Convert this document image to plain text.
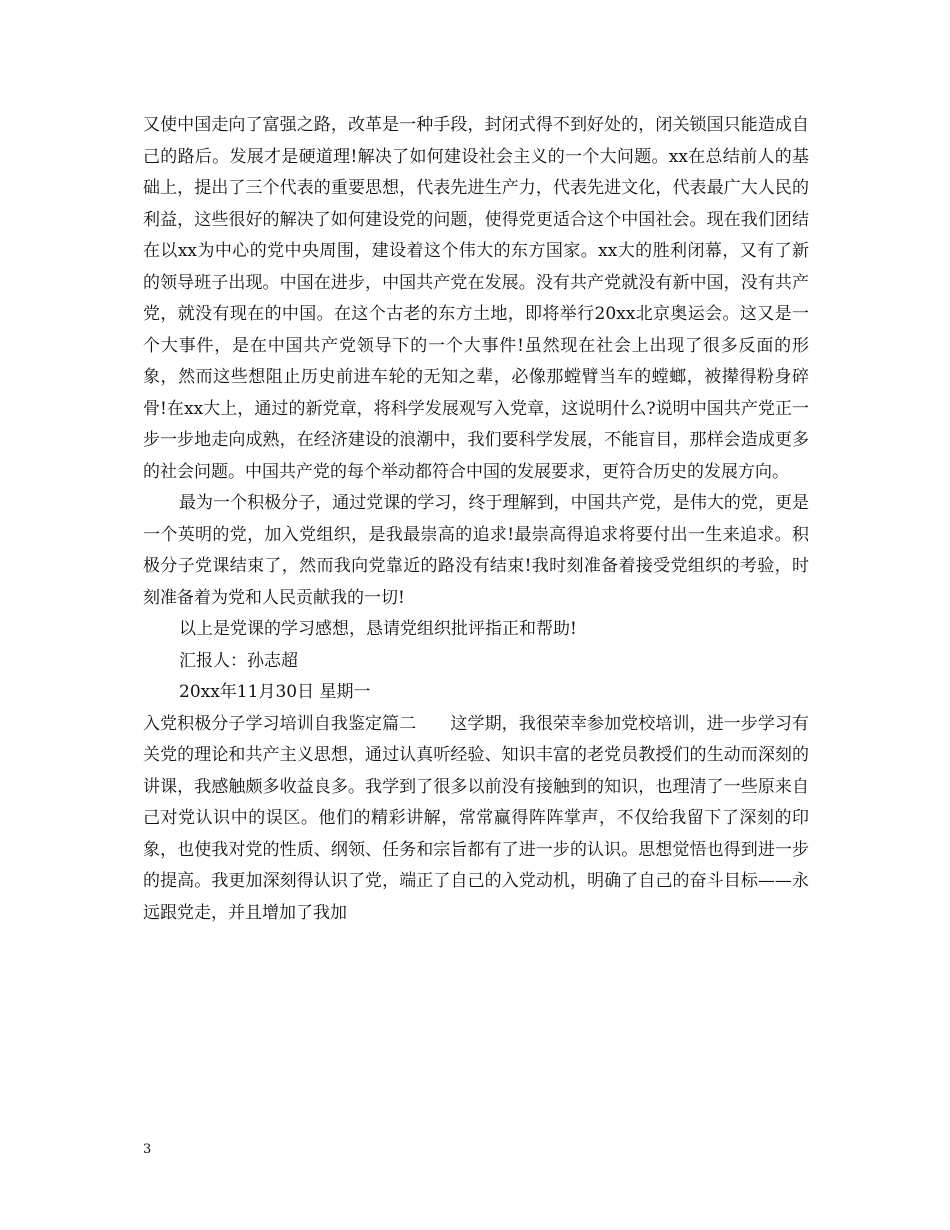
又使中国走向了富强之路，改革是一种手段，封闭式得不到好处的，闭关锁国只能造成自己的路后。发展才是硬道理!解决了如何建设社会主义的一个大问题。xx在总结前人的基础上，提出了三个代表的重要思想，代表先进生产力，代表先进文化，代表最广大人民的利益，这些很好的解决了如何建设党的问题，使得党更适合这个中国社会。现在我们团结在以xx为中心的党中央周围，建设着这个伟大的东方国家。xx大的胜利闭幕，又有了新的领导班子出现。中国在进步，中国共产党在发展。没有共产党就没有新中国，没有共产党，就没有现在的中国。在这个古老的东方土地，即将举行20xx北京奥运会。这又是一个大事件，是在中国共产党领导下的一个大事件!虽然现在社会上出现了很多反面的形象，然而这些想阻止历史前进车轮的无知之辈，必像那螳臂当车的螳螂，被撵得粉身碎骨!在xx大上，通过的新党章，将科学发展观写入党章，这说明什么?说明中国共产党正一步一步地走向成熟，在经济建设的浪潮中，我们要科学发展，不能盲目，那样会造成更多的社会问题。中国共产党的每个举动都符合中国的发展要求，更符合历史的发展方向。

最为一个积极分子，通过党课的学习，终于理解到，中国共产党，是伟大的党，更是一个英明的党，加入党组织，是我最崇高的追求!最崇高得追求将要付出一生来追求。积极分子党课结束了，然而我向党靠近的路没有结束!我时刻准备着接受党组织的考验，时刻准备着为党和人民贡献我的一切!

以上是党课的学习感想，恳请党组织批评指正和帮助!

汇报人：孙志超

20xx年11月30日 星期一

入党积极分子学习培训自我鉴定篇二　　这学期，我很荣幸参加党校培训，进一步学习有关党的理论和共产主义思想，通过认真听经验、知识丰富的老党员教授们的生动而深刻的讲课，我感触颇多收益良多。我学到了很多以前没有接触到的知识，也理清了一些原来自己对党认识中的误区。他们的精彩讲解，常常赢得阵阵掌声，不仅给我留下了深刻的印象，也使我对党的性质、纲领、任务和宗旨都有了进一步的认识。思想觉悟也得到进一步的提高。我更加深刻得认识了党，端正了自己的入党动机，明确了自己的奋斗目标——永远跟党走，并且增加了我加

3
